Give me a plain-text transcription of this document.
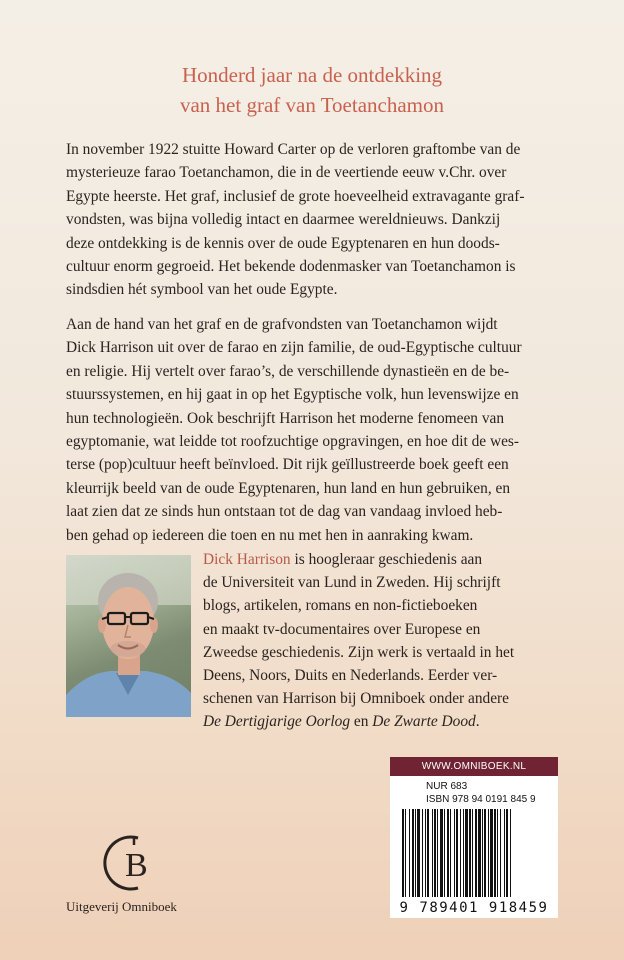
Honderd jaar na de ontdekking
van het graf van Toetanchamon
In november 1922 stuitte Howard Carter op de verloren graftombe van de
mysterieuze farao Toetanchamon, die in de veertiende eeuw v.Chr. over
Egypte heerste. Het graf, inclusief de grote hoeveelheid extravagante graf-
vondsten, was bijna volledig intact en daarmee wereldnieuws. Dankzij
deze ontdekking is de kennis over de oude Egyptenaren en hun doods-
cultuur enorm gegroeid. Het bekende dodenmasker van Toetanchamon is
sindsdien hét symbool van het oude Egypte.
Aan de hand van het graf en de grafvondsten van Toetanchamon wijdt
Dick Harrison uit over de farao en zijn familie, de oud-Egyptische cultuur
en religie. Hij vertelt over farao’s, de verschillende dynastieën en de be-
stuurssystemen, en hij gaat in op het Egyptische volk, hun levenswijze en
hun technologieën. Ook beschrijft Harrison het moderne fenomeen van
egyptomanie, wat leidde tot roofzuchtige opgravingen, en hoe dit de wes-
terse (pop)cultuur heeft beïnvloed. Dit rijk geïllustreerde boek geeft een
kleurrijk beeld van de oude Egyptenaren, hun land en hun gebruiken, en
laat zien dat ze sinds hun ontstaan tot de dag van vandaag invloed heb-
ben gehad op iedereen die toen en nu met hen in aanraking kwam.
Dick Harrison is hoogleraar geschiedenis aan
de Universiteit van Lund in Zweden. Hij schrijft
blogs, artikelen, romans en non-fictieboeken
en maakt tv-documentaires over Europese en
Zweedse geschiedenis. Zijn werk is vertaald in het
Deens, Noors, Duits en Nederlands. Eerder ver-
schenen van Harrison bij Omniboek onder andere
De Dertigjarige Oorlog en De Zwarte Dood.
WWW.OMNIBOEK.NL
NUR 683
ISBN 978 94 0191 845 9
9 789401 918459
B
Uitgeverij Omniboek
